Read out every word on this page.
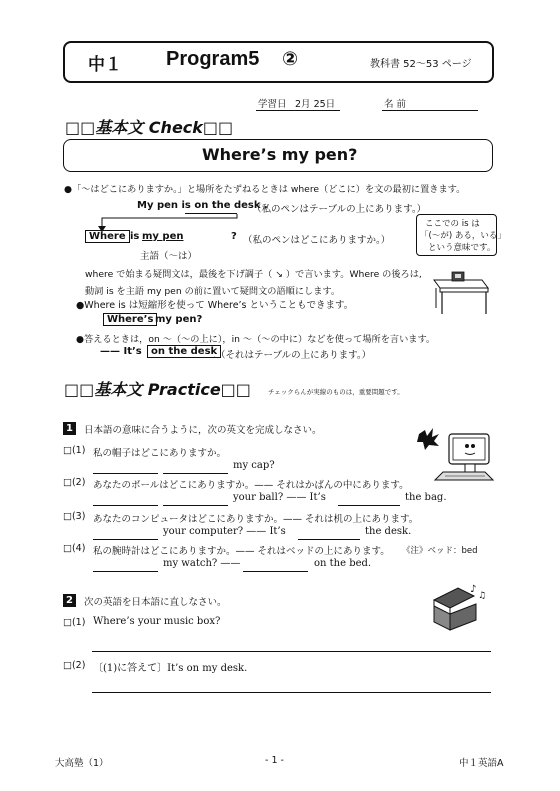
中１ Program5 ②	教科書 52〜53 ページ
学習日 2月 25日	名 前
□□基本文 Check□□
Where’s my pen?
●「〜はどこにありますか。」と場所をたずねるときは where（どこに）を文の最初に置きます。
My pen is on the desk .
（私のペンはテーブルの上にあります。）
ここでの is は
「(〜が) ある，いる」
という意味です。
Where is my pen	? （私のペンはどこにありますか。）
主語（〜は）
where で始まる疑問文は，最後を下げ調子（ ↘ ）で言います。Where の後ろは,
動詞 is を主語 my pen の前に置いて疑問文の語順にします。
●Where is は短縮形を使って Where’s ということもできます。
Where’s my pen?
●答えるときは，on 〜（〜の上に），in 〜（〜の中に）などを使って場所を言います。
—— It’s on the desk
.（それはテーブルの上にあります。）
□□基本文 Practice□□	チェックらんが実線のものは，重要問題です。
1	日本語の意味に合うように，次の英文を完成しなさい。
□(1) 私の帽子はどこにありますか。
my cap?
□(2) あなたのボールはどこにありますか。—— それはかばんの中にあります。
your ball? —— It’s	the bag.
□(3) あなたのコンピュータはどこにありますか。—— それは机の上にあります。
your computer? —— It’s	the desk.
□(4) 私の腕時計はどこにありますか。—— それはベッドの上にあります。 《注》ベッド：bed
my watch? ——	on the bed.
2	次の英語を日本語に直しなさい。
♪
♫
□(1) Where’s your music box?
□(2) 〔(1)に答えて〕It’s on my desk.
大高塾（1）	- 1 -	中１英語A
